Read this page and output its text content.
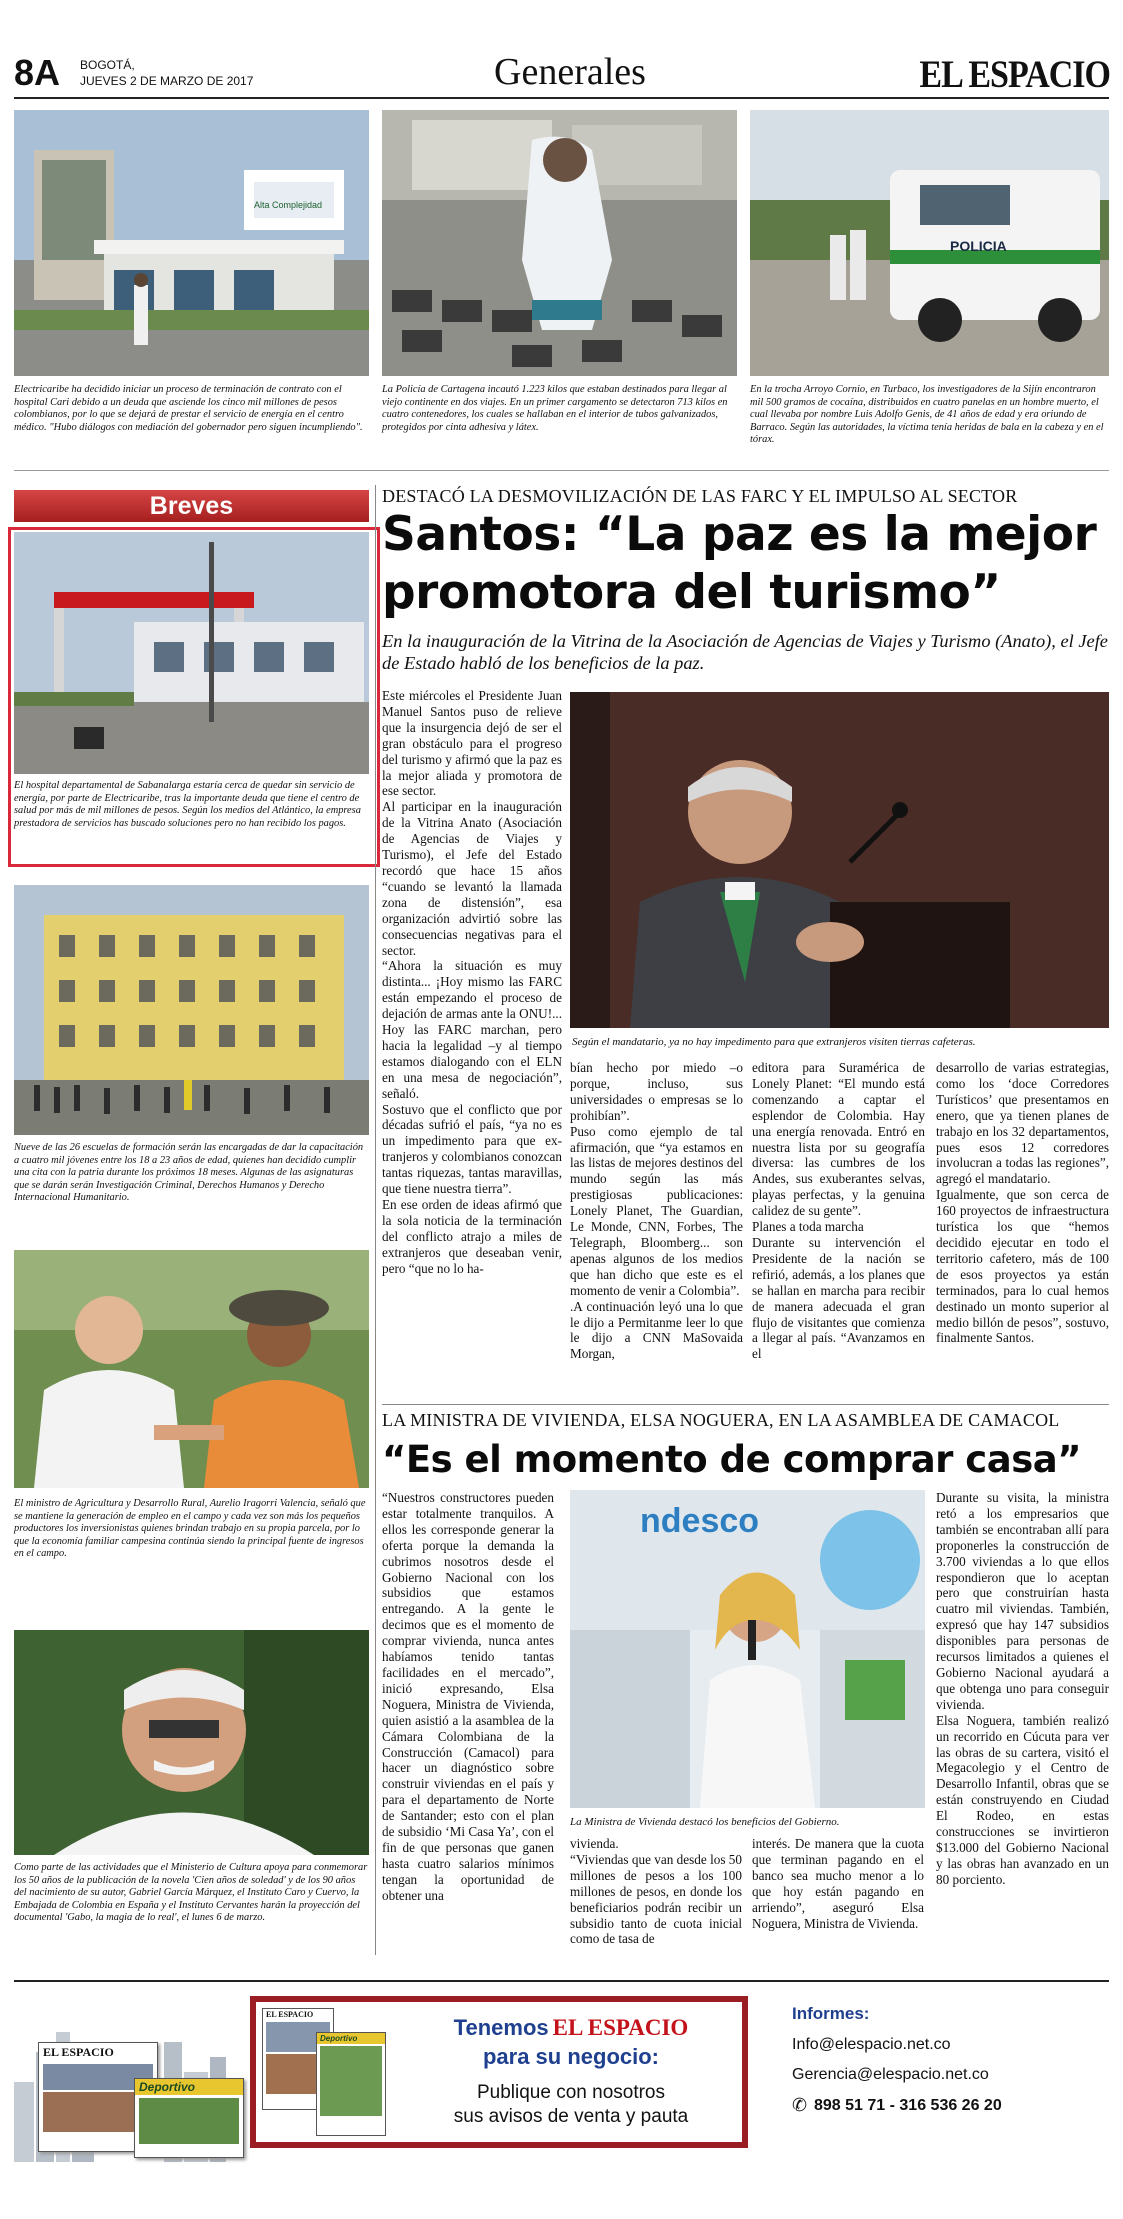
8A BOGOTÁ,
JUEVES 2 DE MARZO DE 2017	Generales	EL ESPACIO
Alta Complejidad
POLICIA
Electricaribe ha decidido iniciar un proceso de terminación de contrato con el hospital Cari debido a un deuda que asciende los cinco mil millones de pesos colombianos, por lo que se dejará de prestar el servicio de energía en el centro médico. "Hubo diálogos con mediación del gobernador pero siguen incumpliendo".
La Policía de Cartagena incautó 1.223 kilos que estaban destinados para llegar al viejo continente en dos viajes. En un primer cargamento se detectaron 713 kilos en cuatro contenedores, los cuales se hallaban en el interior de tubos galvanizados, protegidos por cinta adhesiva y látex.
En la trocha Arroyo Cornio, en Turbaco, los investigadores de la Sijín encontraron mil 500 gramos de cocaína, distribuidos en cuatro panelas en un hombre muerto, el cual llevaba por nombre Luis Adolfo Genis, de 41 años de edad y era oriundo de Barraco. Según las autoridades, la víctima tenía heridas de bala en la cabeza y en el tórax.
Breves
El hospital departamental de Sabanalarga estaría cerca de quedar sin servicio de energía, por parte de Electricaribe, tras la importante deuda que tiene el centro de salud por más de mil millones de pesos. Según los medios del Atlántico, la empresa prestadora de servicios has buscado soluciones pero no han recibido los pagos.
Nueve de las 26 escuelas de formación serán las encargadas de dar la capacitación a cuatro mil jóvenes entre los 18 a 23 años de edad, quienes han decidido cumplir una cita con la patria durante los próximos 18 meses. Algunas de las asignaturas que se darán serán Investigación Criminal, Derechos Humanos y Derecho Internacional Humanitario.
El ministro de Agricultura y Desarrollo Rural, Aurelio Iragorri Valencia, señaló que se mantiene la generación de empleo en el campo y cada vez son más los pequeños productores los inversionistas quienes brindan trabajo en su propia parcela, por lo que la economía familiar campesina continúa siendo la principal fuente de ingresos en el campo.
Como parte de las actividades que el Ministerio de Cultura apoya para conmemorar los 50 años de la publicación de la novela 'Cien años de soledad' y de los 90 años del nacimiento de su autor, Gabriel García Márquez, el Instituto Caro y Cuervo, la Embajada de Colombia en España y el Instituto Cervantes harán la proyección del documental 'Gabo, la magia de lo real', el lunes 6 de marzo.
DESTACÓ LA DESMOVILIZACIÓN DE LAS FARC Y EL IMPULSO AL SECTOR
Santos: “La paz es la mejor
promotora del turismo”
En la inauguración de la Vitrina de la Asociación de Agencias de Viajes y Turismo (Anato), el Jefe de Estado habló de los beneficios de la paz.

Este miércoles el Presidente Juan Manuel Santos puso de relieve que la insurgencia dejó de ser el gran obstáculo para el progreso del turismo y afirmó que la paz es la mejor aliada y promotora de ese sector.
Al participar en la inauguración de la Vitrina Anato (Asociación de Agencias de Viajes y Turismo), el Jefe del Estado recordó que hace 15 años “cuando se levantó la llamada zona de distensión”, esa organización advirtió sobre las consecuencias negativas para el sector.
“Ahora la situación es muy distinta... ¡Hoy mismo las FARC están empezando el proceso de dejación de armas ante la ONU!... Hoy las FARC marchan, pero hacia la legalidad –y al tiempo estamos dialogando con el ELN en una mesa de negociación”, señaló.
Sostuvo que el conflicto que por décadas sufrió el país, “ya no es un impedimento para que ex-tranjeros y colombianos conozcan tantas riquezas, tantas maravillas, que tiene nuestra tierra”.
En ese orden de ideas afirmó que la sola noticia de la terminación del conflicto atrajo a miles de extranjeros que deseaban venir, pero “que no lo ha-

Según el mandatario, ya no hay impedimento para que extranjeros visiten tierras cafeteras.

bían hecho por miedo –o porque, incluso, sus universidades o empresas se lo prohibían”.
Puso como ejemplo de tal afirmación, que “ya estamos en las listas de mejores destinos del mundo según las más prestigiosas publicaciones: Lonely Planet, The Guardian, Le Monde, CNN, Forbes, The Telegraph, Bloomberg... son apenas algunos de los medios que han dicho que este es el momento de venir a Colombia”.
.A continuación leyó una lo que le dijo a Permitanme leer lo que le dijo a CNN MaSovaida Morgan,

editora para Suramérica de Lonely Planet: “El mundo está comenzando a captar el esplendor de Colombia. Hay una energía renovada. Entró en nuestra lista por su geografía diversa: las cumbres de los Andes, sus exuberantes selvas, playas perfectas, y la genuina calidez de su gente”.
Planes a toda marcha
Durante su intervención el Presidente de la nación se refirió, además, a los planes que se hallan en marcha para recibir de manera adecuada el gran flujo de visitantes que comienza a llegar al país. “Avanzamos en el

desarrollo de varias estrategias, como los ‘doce Corredores Turísticos’ que presentamos en enero, que ya tienen planes de trabajo en los 32 departamentos, pues esos 12 corredores involucran a todas las regiones”, agregó el mandatario.
Igualmente, que son cerca de 160 proyectos de infraestructura turística los que “hemos decidido ejecutar en todo el territorio cafetero, más de 100 de esos proyectos ya están terminados, para lo cual hemos destinado un monto superior al medio billón de pesos”, sostuvo, finalmente Santos.

LA MINISTRA DE VIVIENDA, ELSA NOGUERA, EN LA ASAMBLEA DE CAMACOL
“Es el momento de comprar casa”

“Nuestros constructores pueden estar totalmente tranquilos. A ellos les corresponde generar la oferta porque la demanda la cubrimos nosotros desde el Gobierno Nacional con los subsidios que estamos entregando. A la gente le decimos que es el momento de comprar vivienda, nunca antes habíamos tenido tantas facilidades en el mercado”, inició expresando, Elsa Noguera, Ministra de Vivienda, quien asistió a la asamblea de la Cámara Colombiana de la Construcción (Camacol) para hacer un diagnóstico sobre construir viviendas en el país y para el departamento de Norte de Santander; esto con el plan de subsidio ‘Mi Casa Ya’, con el fin de que personas que ganen hasta cuatro salarios mínimos tengan la oportunidad de obtener una

ndesco
La Ministra de Vivienda destacó los beneficios del Gobierno.

vivienda.
“Viviendas que van desde los 50 millones de pesos a los 100 millones de pesos, en donde los beneficiarios podrán recibir un subsidio tanto de cuota inicial como de tasa de

interés. De manera que la cuota que terminan pagando en el banco sea mucho menor a lo que hoy están pagando en arriendo”, aseguró Elsa Noguera, Ministra de Vivienda.

Durante su visita, la ministra retó a los empresarios que también se encontraban allí para proponerles la construcción de 3.700 viviendas a lo que ellos respondieron que lo aceptan pero que construirían hasta cuatro mil viviendas. También, expresó que hay 147 subsidios disponibles para personas de recursos limitados a quienes el Gobierno Nacional ayudará a que obtenga uno para conseguir vivienda.
Elsa Noguera, también realizó un recorrido en Cúcuta para ver las obras de su cartera, visitó el Megacolegio y el Centro de Desarrollo Infantil, obras que se están construyendo en Ciudad El Rodeo, en estas construcciones se invirtieron $13.000 del Gobierno Nacional y las obras han avanzado en un 80 porciento.

EL ESPACIO
Deportivo
EL ESPACIO
Deportivo	Tenemos EL ESPACIO
para su negocio:
Publique con nosotros
sus avisos de venta y pauta
Informes:
Info@elespacio.net.co
Gerencia@elespacio.net.co
✆ 898 51 71 - 316 536 26 20
